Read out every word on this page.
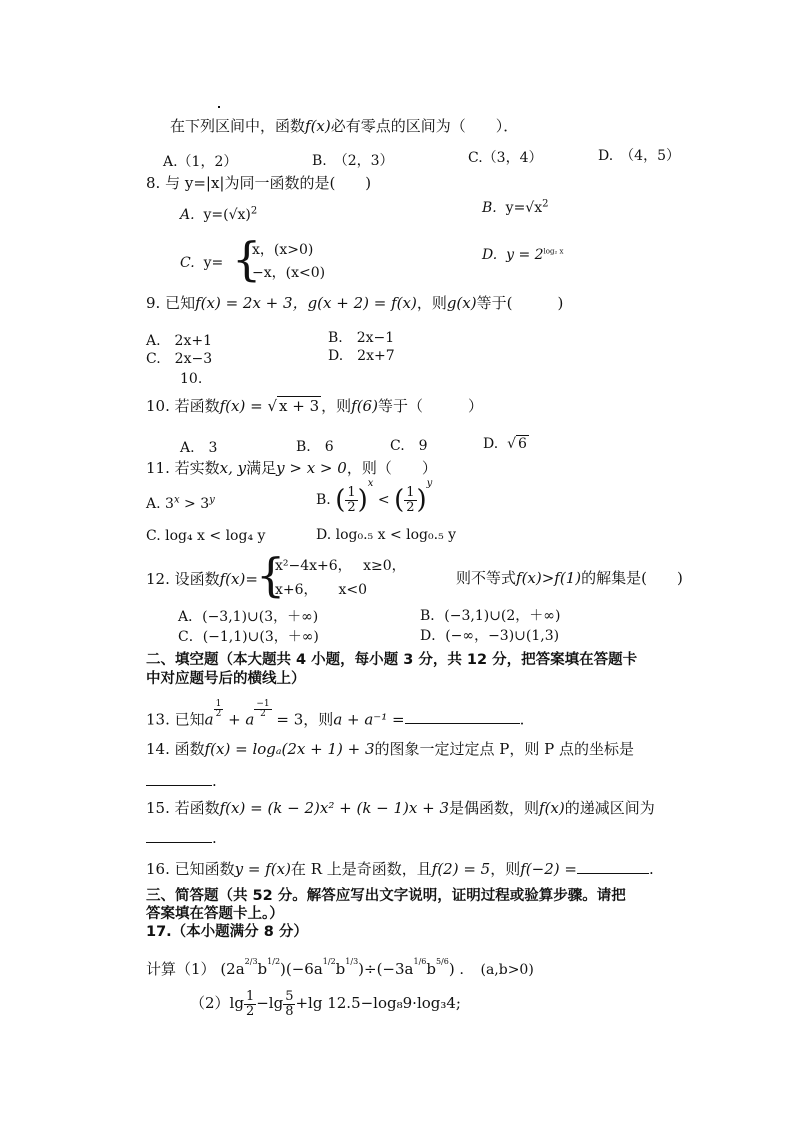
在下列区间中，函数f(x)必有零点的区间为（　　）．
A.（1，2）	B.　（2，3）	C.（3，4）	D.　（4，5）
8. 与 y=|x|为同一函数的是(　　)
A. $y=(√x)^2$	B. $y=√x^2$
C. y= {
x，(x>0)
−x，(x<0)
D. $y = 2^{log_2 x}$
9. 已知f(x) = 2x + 3，g(x + 2) = f(x)，则g(x)等于(　　　)
A.　2x+1	B.　2x−1
C.　2x−3	D.　2x+7
10.
10. 若函数f(x) = √ x + 3 ，则f(6)等于（　　　）
A.　3	B.　6	C.　9	D.  √ 6
11. 若实数x, y满足y > x > 0，则（　　）
A. $3^x > 3^y$	B. ( $\frac{1}{2} )^x$ < ( $\frac{1}{2} )^y$
C. log₄ x < log₄ y	D. log₀.₅ x < log₀.₅ y
12. 设函数f(x)=
{
x²−4x+6，　 x≥0，
x+6，　　x<0
则不等式f(x)>f(1)的解集是(　　)
A．(−3,1)∪(3，＋∞)	B．(−3,1)∪(2，＋∞)
C．(−1,1)∪(3，＋∞)	D．(−∞，−3)∪(1,3)
二、填空题（本大题共 4 小题，每小题 3 分，共 12 分，把答案填在答题卡
中对应题号后的横线上）
13. 已知a $^{\frac{1}{2}}$ + a $^{\frac{-1}{2}}$ = 3，则a + a⁻¹ =	.
14. 函数f(x) = logₐ(2x + 1) + 3的图象一定过定点 P，则 P 点的坐标是
.
15. 若函数f(x) = (k − 2)x² + (k − 1)x + 3是偶函数，则f(x)的递减区间为
.
16. 已知函数y = f(x)在 R 上是奇函数，且f(2) = 5，则f(−2) =	.
三、简答题（共 52 分。解答应写出文字说明，证明过程或验算步骤。请把
答案填在答题卡上。）
17.（本小题满分 8 分）
计算（1） $(2a^{2/3}b^{1/2})(-6a^{1/2}b^{1/3})\div(-3a^{1/6}b^{5/6})$ ．　(a,b>0)
$(2)\lg \frac{1}{2} -\lg \frac{5}{8} +\lg$ 12.5−log₈9·log₃4;
